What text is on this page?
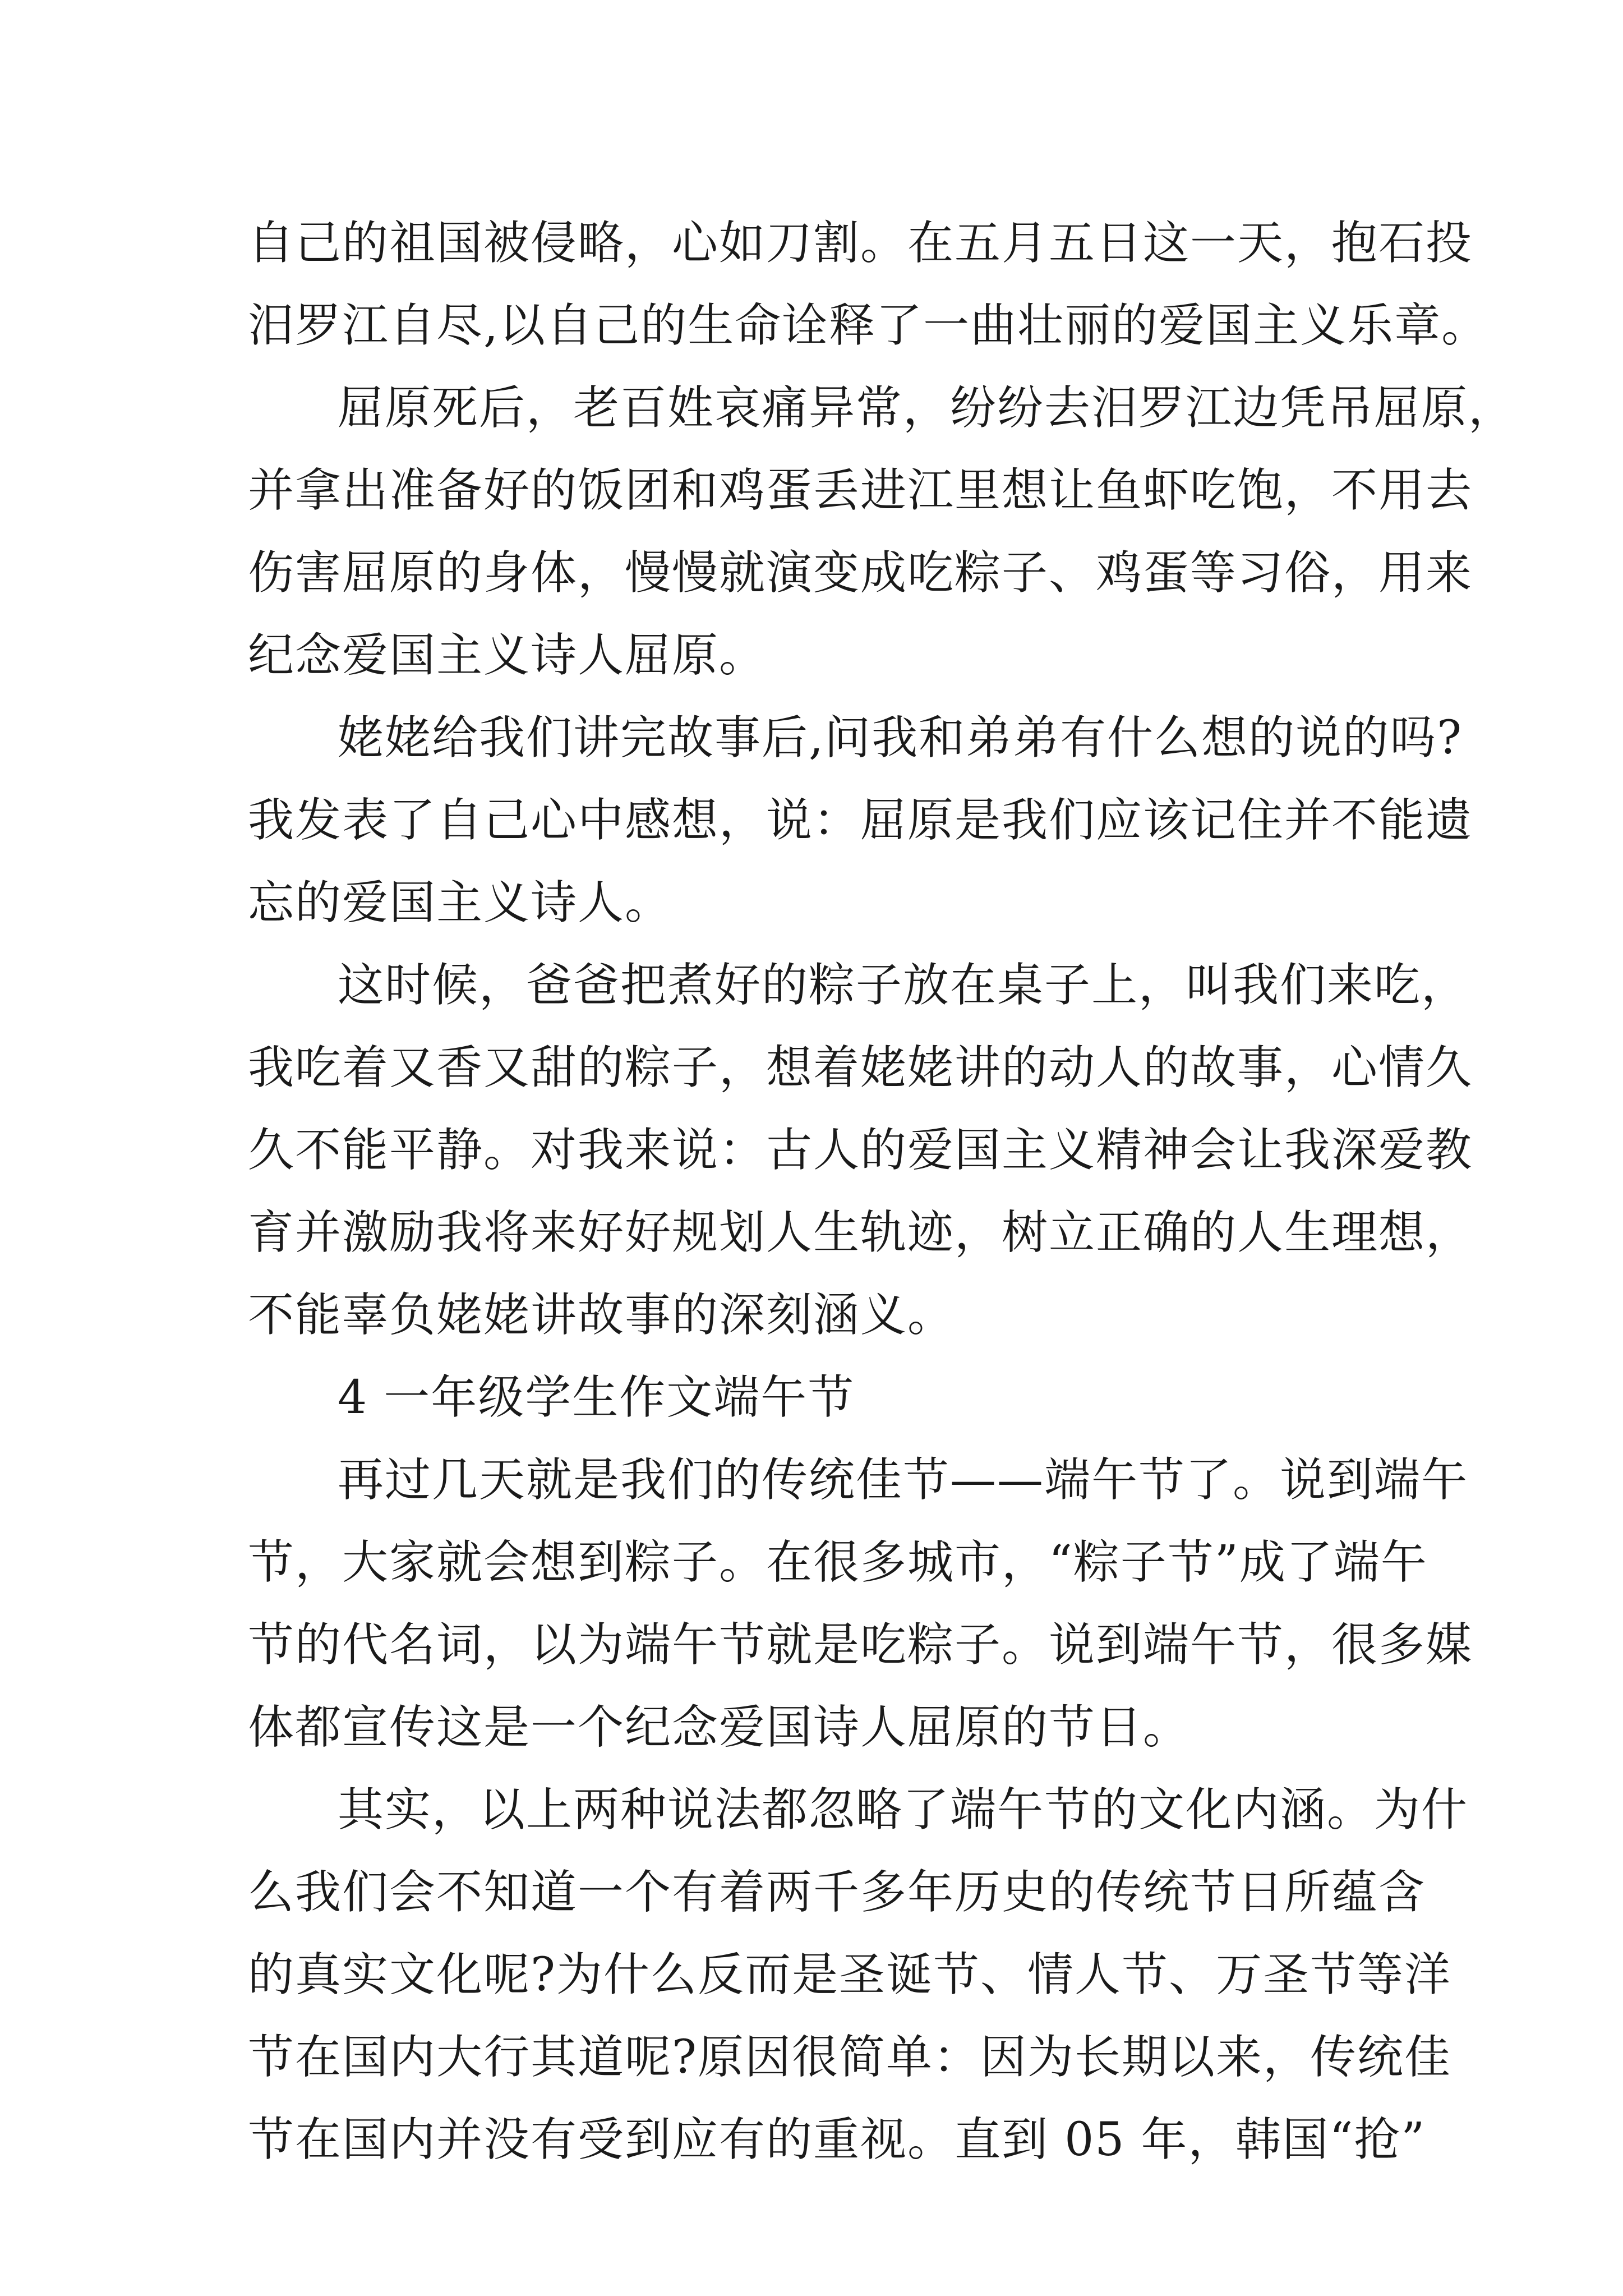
自己的祖国被侵略，心如刀割。在五月五日这一天，抱石投
汨罗江自尽,以自己的生命诠释了一曲壮丽的爱国主义乐章。
屈原死后，老百姓哀痛异常，纷纷去汨罗江边凭吊屈原，
并拿出准备好的饭团和鸡蛋丢进江里想让鱼虾吃饱，不用去
伤害屈原的身体，慢慢就演变成吃粽子、鸡蛋等习俗，用来
纪念爱国主义诗人屈原。
姥姥给我们讲完故事后,问我和弟弟有什么想的说的吗?
我发表了自己心中感想，说：屈原是我们应该记住并不能遗
忘的爱国主义诗人。
这时候，爸爸把煮好的粽子放在桌子上，叫我们来吃，
我吃着又香又甜的粽子，想着姥姥讲的动人的故事，心情久
久不能平静。对我来说：古人的爱国主义精神会让我深爱教
育并激励我将来好好规划人生轨迹，树立正确的人生理想，
不能辜负姥姥讲故事的深刻涵义。
4 一年级学生作文端午节
再过几天就是我们的传统佳节——端午节了。说到端午
节，大家就会想到粽子。在很多城市，“粽子节”成了端午
节的代名词，以为端午节就是吃粽子。说到端午节，很多媒
体都宣传这是一个纪念爱国诗人屈原的节日。
其实，以上两种说法都忽略了端午节的文化内涵。为什
么我们会不知道一个有着两千多年历史的传统节日所蕴含
的真实文化呢?为什么反而是圣诞节、情人节、万圣节等洋
节在国内大行其道呢?原因很简单：因为长期以来，传统佳
节在国内并没有受到应有的重视。直到 05 年，韩国“抢”
